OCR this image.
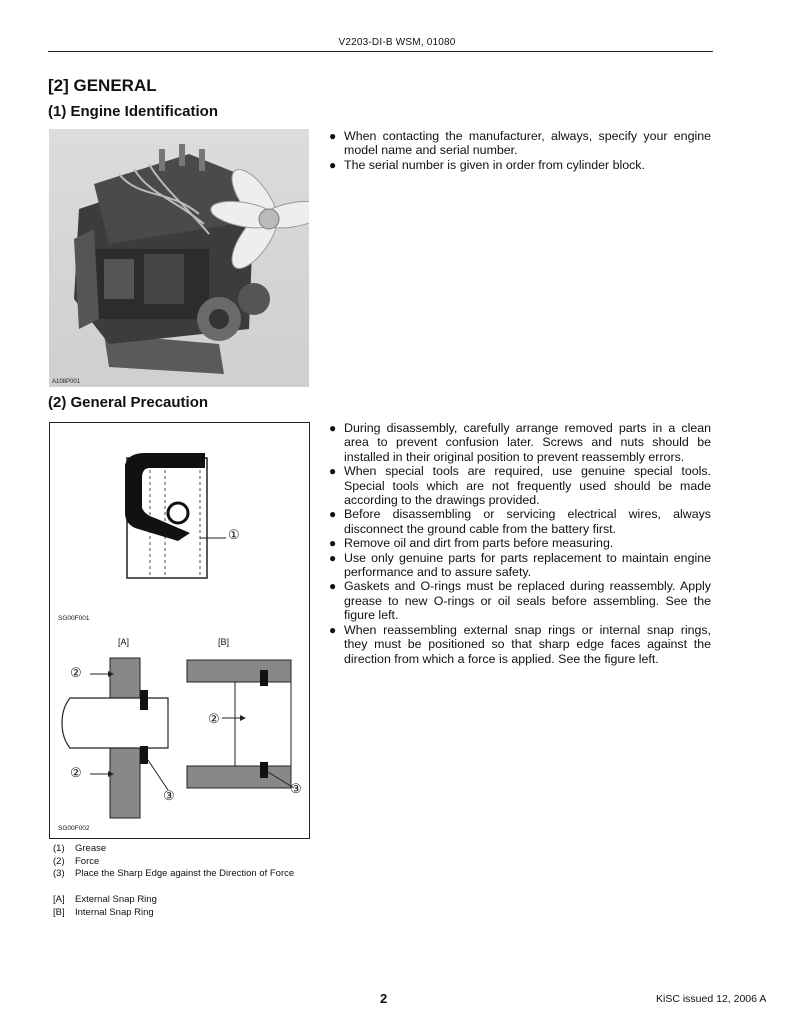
V2203-DI-B WSM, 01080
[2] GENERAL
(1) Engine Identification
A108P001
● When contacting the manufacturer, always, specify your engine model name and serial number.
● The serial number is given in order from cylinder block.
(2) General Precaution
①
SG00F001
[A]	[B]
②
②
③
②
③
SG00F002
(1) Grease
(2) Force
(3) Place the Sharp Edge against the Direction of Force
[A] External Snap Ring
[B] Internal Snap Ring
● During disassembly, carefully arrange removed parts in a clean area to prevent confusion later. Screws and nuts should be installed in their original position to prevent reassembly errors.
● When special tools are required, use genuine special tools. Special tools which are not frequently used should be made according to the drawings provided.
● Before disassembling or servicing electrical wires, always disconnect the ground cable from the battery first.
● Remove oil and dirt from parts before measuring.
● Use only genuine parts for parts replacement to maintain engine performance and to assure safety.
● Gaskets and O-rings must be replaced during reassembly. Apply grease to new O-rings or oil seals before assembling. See the figure left.
● When reassembling external snap rings or internal snap rings, they must be positioned so that sharp edge faces against the direction from which a force is applied. See the figure left.
2	KiSC issued 12, 2006 A
